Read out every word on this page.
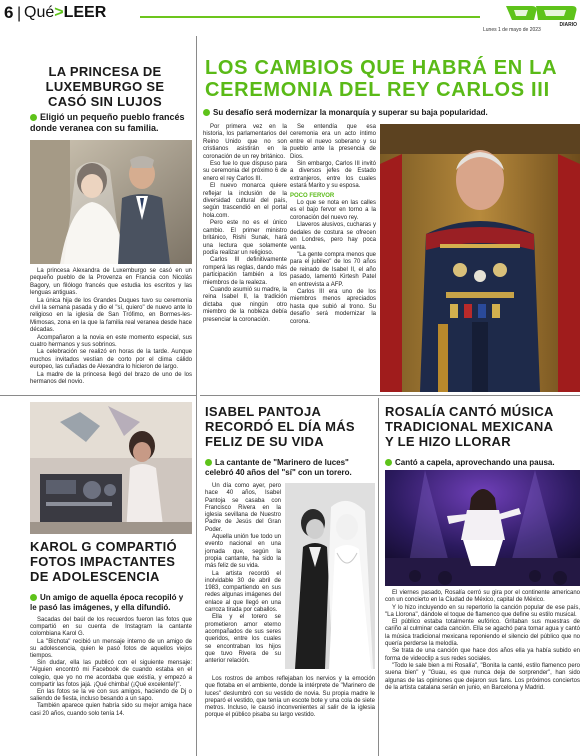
6 | Qué>LEER
Lunes 1 de mayo de 2023
DIARIO
LA PRINCESA DE LUXEMBURGO SE CASÓ SIN LUJOS
Eligió un pequeño pueblo francés donde veranea con su familia.

La princesa Alexandra de Luxemburgo se casó en un pequeño pueblo de la Provenza en Francia con Nicolás Bagory, un filólogo francés que estudia los escritos y las lenguas antiguas.

La única hija de los Grandes Duques tuvo su ceremonia civil la semana pasada y dio el "sí, quiero" de nuevo ante lo religioso en la iglesia de San Trófimo, en Bormes-les-Mimosas, zona en la que la familia real veranea desde hace décadas.

Acompañaron a la novia en este momento especial, sus cuatro hermanos y sus sobrinos.

La celebración se realizó en horas de la tarde. Aunque muchos invitados vestían de corto por el clima cálido europeo, las cuñadas de Alexandra lo hicieron de largo.

La madre de la princesa llegó del brazo de uno de los hermanos del novio.

LOS CAMBIOS QUE HABRÁ EN LA
CEREMONIA DEL REY CARLOS III
Su desafío será modernizar la monarquía y superar su baja popularidad.

Por primera vez en la historia, los parlamentarios del Reino Unido que no son cristianos asistirán en la coronación de un rey británico.

Eso fue lo que dispuso para su ceremonia del próximo 6 de enero el rey Carlos III.

El nuevo monarca quiere reflejar la inclusión de la diversidad cultural del país, según trascendió en el portal hola.com.

Pero este no es el único cambio. El primer ministro británico, Rishi Sunak, hará una lectura que solamente podía realizar un religioso.

Carlos III definitivamente romperá las reglas, dando más participación también a los miembros de la realeza.

Cuando asumió su madre, la reina Isabel II, la tradición dictaba que ningún otro miembro de la nobleza debía presenciar la coronación.

Se entendía que esa ceremonia era un acto íntimo entre el nuevo soberano y su pueblo ante la presencia de Dios.

Sin embargo, Carlos III invitó a diversos jefes de Estado extranjeros, entre los cuales estará Marito y su esposa.

POCO FERVOR

Lo que se nota en las calles es el bajo fervor en torno a la coronación del nuevo rey.

Llaveros alusivos, cucharas y dedales de costura se ofrecen en Londres, pero hay poca venta.

"La gente compra menos que para el jubileo" de los 70 años de reinado de Isabel II, el año pasado, lamentó Kirtesh Patel en entrevista a AFP.

Carlos III era uno de los miembros menos apreciados hasta que subió al trono. Su desafío será modernizar la corona.

ISABEL PANTOJA RECORDÓ EL DÍA MÁS FELIZ DE SU VIDA
La cantante de "Marinero de luces" celebró 40 años del "sí" con un torero.

Un día como ayer, pero hace 40 años, Isabel Pantoja se casaba con Francisco Rivera en la iglesia sevillana de Nuestro Padre de Jesús del Gran Poder.

Aquella unión fue todo un evento nacional en una jornada que, según la propia cantante, ha sido la más feliz de su vida.

La artista recordó el inolvidable 30 de abril de 1983, compartiendo en sus redes algunas imágenes del enlace al que llegó en una carroza tirada por caballos.

Ella y el torero se prometieron amor eterno acompañados de sus seres queridos, entre los cuales se encontraban los hijos que tuvo Rivera de su anterior relación.

Los rostros de ambos reflejaban los nervios y la emoción que flotaba en el ambiente, donde la intérprete de "Marinero de luces" deslumbró con su vestido de novia. Su propia madre le preparó el vestido, que tenía un escote bote y una cola de siete metros. Incluso, le causó inconvenientes al salir de la iglesia porque el público pisaba su largo vestido.

KAROL G COMPARTIÓ FOTOS IMPACTANTES DE ADOLESCENCIA
Un amigo de aquella época recopiló y le pasó las imágenes, y ella difundió.

Sacadas del baúl de los recuerdos fueron las fotos que compartió en su cuenta de Instagram la cantante colombiana Karol G.

La "Bichota" recibió un mensaje interno de un amigo de su adolescencia, quien le pasó fotos de aquellos viejos tiempos.

Sin dudar, ella las publicó con el siguiente mensaje: "Alguien encontró mi Facebook de cuando estaba en el colegio, que yo no me acordaba que existía, y empezó a compartir las fotos jajá. ¡Qué chimba! (¡Qué excelente!)".

En las fotos se la ve con sus amigos, haciendo de Dj o saliendo de fiesta, incluso besando a un sapo.

También aparece quien habría sido su mejor amiga hace casi 20 años, cuando solo tenía 14.

ROSALÍA CANTÓ MÚSICA
TRADICIONAL MEXICANA
Y LE HIZO LLORAR
Cantó a capela, aprovechando una pausa.

El viernes pasado, Rosalía cerró su gira por el continente americano con un concierto en la Ciudad de México, capital de México.

Y lo hizo incluyendo en su repertorio la canción popular de ese país, "La Llorona", dándole el toque de flamenco que define su estilo musical.

El público estaba totalmente eufórico. Gritaban sus muestras de cariño al culminar cada canción. Ella se agachó para tomar agua y cantó la música tradicional mexicana reponiendo el silencio del público que no quería perderse la melodía.

Se trata de una canción que hace dos años ella ya había subido en forma de videoclip a sus redes sociales.

"Todo le sale bien a mi Rosalía", "Bonita la canté, estilo flamenco pero suena bien" y "Guau, es que nunca deja de sorprender", han sido algunas de las opiniones que dejaron sus fans. Los próximos conciertos de la artista catalana serán en junio, en Barcelona y Madrid.
